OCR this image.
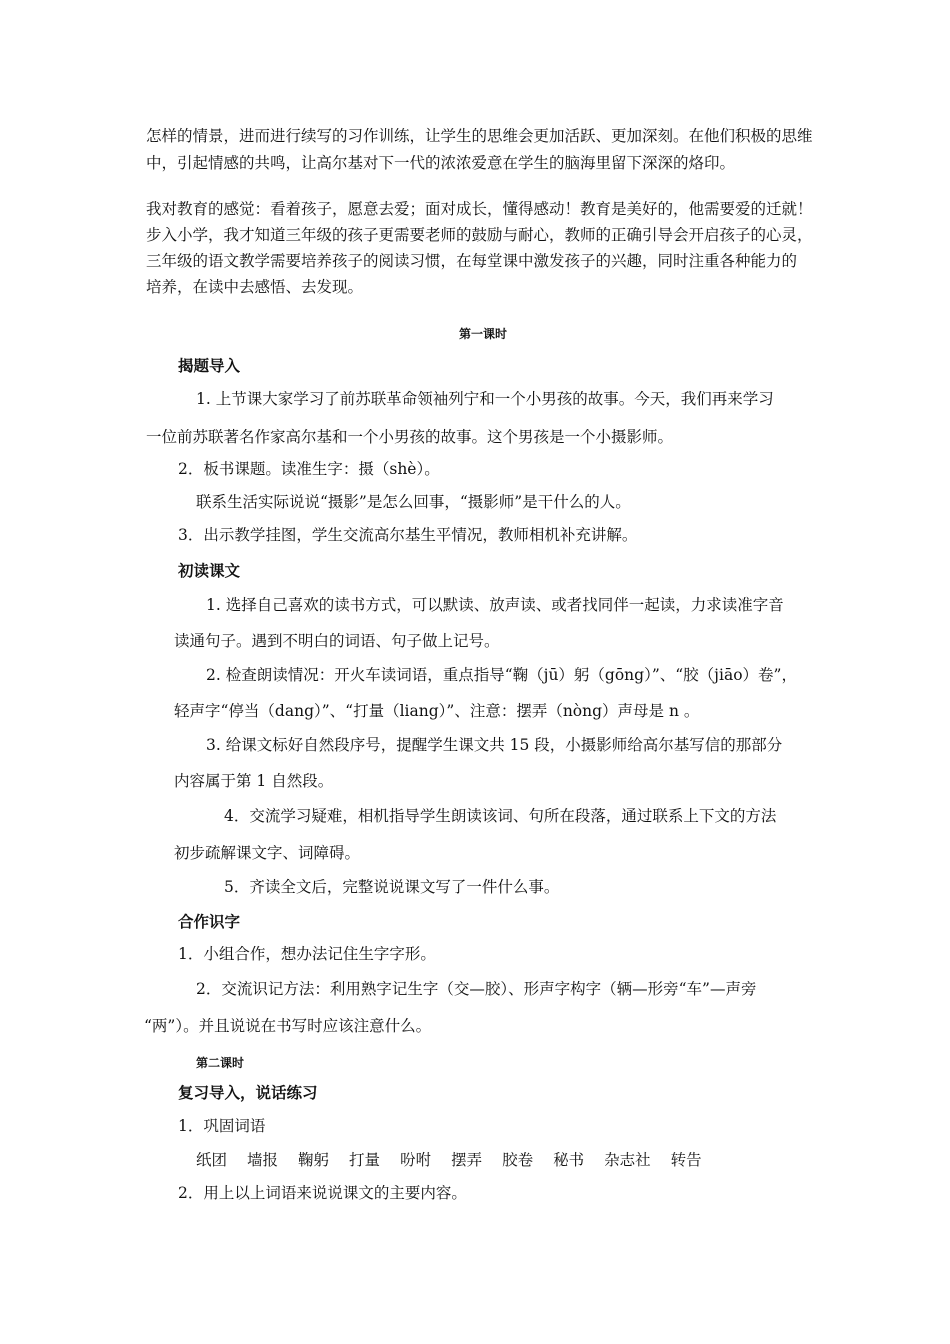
怎样的情景，进而进行续写的习作训练，让学生的思维会更加活跃、更加深刻。在他们积极的思维
中，引起情感的共鸣，让高尔基对下一代的浓浓爱意在学生的脑海里留下深深的烙印。
我对教育的感觉：看着孩子，愿意去爱；面对成长，懂得感动！教育是美好的，他需要爱的迁就！
步入小学，我才知道三年级的孩子更需要老师的鼓励与耐心，教师的正确引导会开启孩子的心灵，
三年级的语文教学需要培养孩子的阅读习惯，在每堂课中激发孩子的兴趣，同时注重各种能力的
培养，在读中去感悟、去发现。
第一课时
揭题导入
1. 上节课大家学习了前苏联革命领袖列宁和一个小男孩的故事。今天，我们再来学习
一位前苏联著名作家高尔基和一个小男孩的故事。这个男孩是一个小摄影师。
2．板书课题。读准生字：摄（shè）。
联系生活实际说说“摄影”是怎么回事，“摄影师”是干什么的人。
3．出示教学挂图，学生交流高尔基生平情况，教师相机补充讲解。
初读课文
1. 选择自己喜欢的读书方式，可以默读、放声读、或者找同伴一起读，力求读准字音
读通句子。遇到不明白的词语、句子做上记号。
2. 检查朗读情况：开火车读词语，重点指导“鞠（jū）躬（gōng）”、“胶（jiāo）卷”，
轻声字“停当（dang）”、“打量（liang）”、注意：摆弄（nòng）声母是 n 。
3. 给课文标好自然段序号，提醒学生课文共 15 段，小摄影师给高尔基写信的那部分
内容属于第 1 自然段。
4．交流学习疑难，相机指导学生朗读该词、句所在段落，通过联系上下文的方法
初步疏解课文字、词障碍。
5．齐读全文后，完整说说课文写了一件什么事。
合作识字
1．小组合作，想办法记住生字字形。
2．交流识记方法：利用熟字记生字（交—胶）、形声字构字（辆—形旁“车”—声旁
“两”）。并且说说在书写时应该注意什么。
第二课时
复习导入，说话练习
1．巩固词语
纸团 墙报 鞠躬 打量 吩咐 摆弄 胶卷 秘书 杂志社 转告
2．用上以上词语来说说课文的主要内容。
